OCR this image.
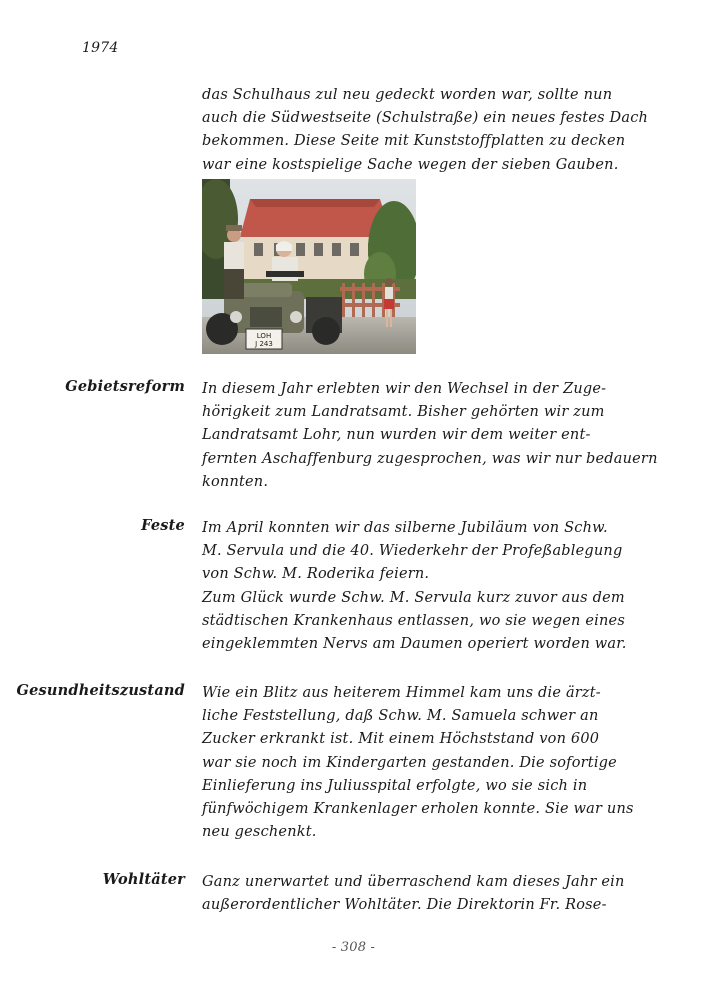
1974
das Schulhaus zul neu gedeckt worden war, sollte nun
auch die Südwestseite (Schulstraße) ein neues festes Dach
bekommen. Diese Seite mit Kunststoffplatten zu decken
war eine kostspielige Sache wegen der sieben Gauben.
LOH
J 243
Gebietsreform In diesem Jahr erlebten wir den Wechsel in der Zuge-
hörigkeit zum Landratsamt. Bisher gehörten wir zum
Landratsamt Lohr, nun wurden wir dem weiter ent-
fernten Aschaffenburg zugesprochen, was wir nur bedauern
konnten.
Feste Im April konnten wir das silberne Jubiläum von Schw.
M. Servula und die 40. Wiederkehr der Profeßablegung
von Schw. M. Roderika feiern.
Zum Glück wurde Schw. M. Servula kurz zuvor aus dem
städtischen Krankenhaus entlassen, wo sie wegen eines
eingeklemmten Nervs am Daumen operiert worden war.
Gesundheitszustand Wie ein Blitz aus heiterem Himmel kam uns die ärzt-
liche Feststellung, daß Schw. M. Samuela schwer an
Zucker erkrankt ist. Mit einem Höchststand von 600
war sie noch im Kindergarten gestanden. Die sofortige
Einlieferung ins Juliusspital erfolgte, wo sie sich in
fünfwöchigem Krankenlager erholen konnte. Sie war uns
neu geschenkt.
Wohltäter Ganz unerwartet und überraschend kam dieses Jahr ein
außerordentlicher Wohltäter. Die Direktorin Fr. Rose-
- 308 -
